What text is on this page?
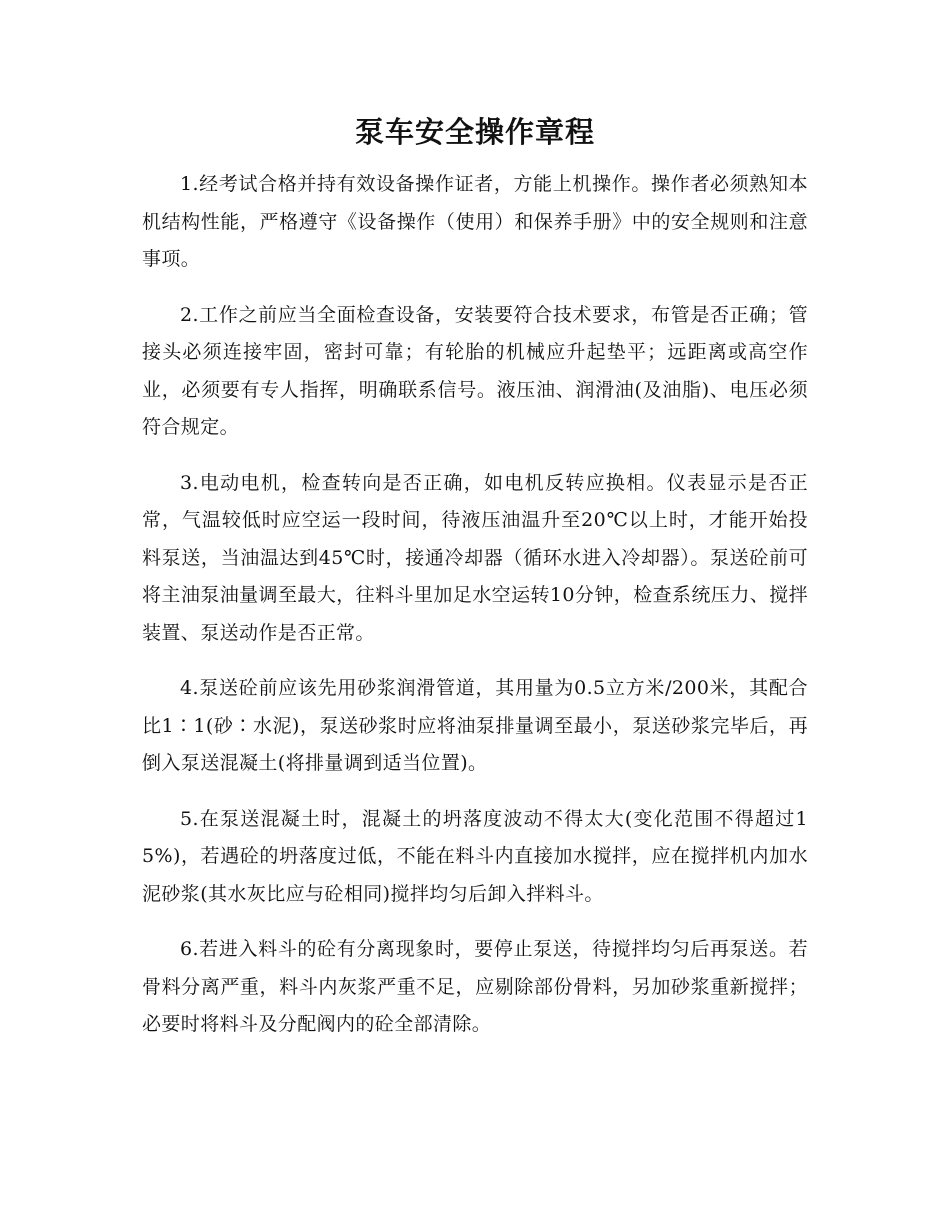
泵车安全操作章程

1.经考试合格并持有效设备操作证者，方能上机操作。操作者必须熟知本机结构性能，严格遵守《设备操作（使用）和保养手册》中的安全规则和注意事项。

2.工作之前应当全面检查设备，安装要符合技术要求，布管是否正确；管接头必须连接牢固，密封可靠；有轮胎的机械应升起垫平；远距离或高空作业，必须要有专人指挥，明确联系信号。液压油、润滑油(及油脂)、电压必须符合规定。

3.电动电机，检查转向是否正确，如电机反转应换相。仪表显示是否正常，气温较低时应空运一段时间，待液压油温升至20℃以上时，才能开始投料泵送，当油温达到45℃时，接通冷却器（循环水进入冷却器）。泵送砼前可将主油泵油量调至最大，往料斗里加足水空运转10分钟，检查系统压力、搅拌装置、泵送动作是否正常。

4.泵送砼前应该先用砂浆润滑管道，其用量为0.5立方米/200米，其配合比1∶1(砂∶水泥)，泵送砂浆时应将油泵排量调至最小，泵送砂浆完毕后，再倒入泵送混凝土(将排量调到适当位置)。

5.在泵送混凝土时，混凝土的坍落度波动不得太大(变化范围不得超过15%)，若遇砼的坍落度过低，不能在料斗内直接加水搅拌，应在搅拌机内加水泥砂浆(其水灰比应与砼相同)搅拌均匀后卸入拌料斗。

6.若进入料斗的砼有分离现象时，要停止泵送，待搅拌均匀后再泵送。若骨料分离严重，料斗内灰浆严重不足，应剔除部份骨料，另加砂浆重新搅拌；必要时将料斗及分配阀内的砼全部清除。
